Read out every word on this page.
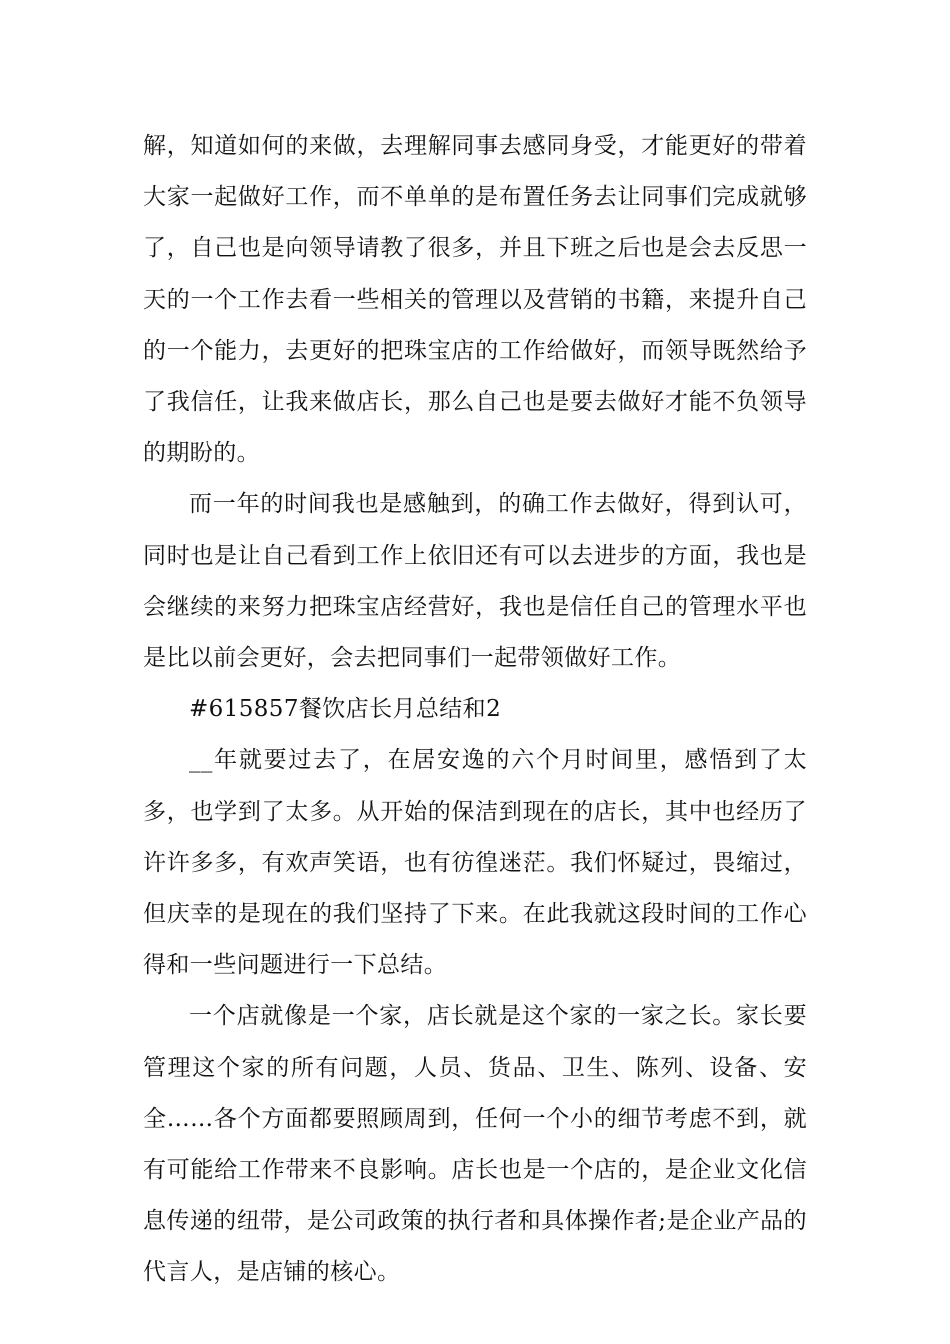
解，知道如何的来做，去理解同事去感同身受，才能更好的带着大家一起做好工作，而不单单的是布置任务去让同事们完成就够了，自己也是向领导请教了很多，并且下班之后也是会去反思一天的一个工作去看一些相关的管理以及营销的书籍，来提升自己的一个能力，去更好的把珠宝店的工作给做好，而领导既然给予了我信任，让我来做店长，那么自己也是要去做好才能不负领导的期盼的。

而一年的时间我也是感触到，的确工作去做好，得到认可，同时也是让自己看到工作上依旧还有可以去进步的方面，我也是会继续的来努力把珠宝店经营好，我也是信任自己的管理水平也是比以前会更好，会去把同事们一起带领做好工作。

#615857餐饮店长月总结和2

__年就要过去了，在居安逸的六个月时间里，感悟到了太多，也学到了太多。从开始的保洁到现在的店长，其中也经历了许许多多，有欢声笑语，也有彷徨迷茫。我们怀疑过，畏缩过，但庆幸的是现在的我们坚持了下来。在此我就这段时间的工作心得和一些问题进行一下总结。

一个店就像是一个家，店长就是这个家的一家之长。家长要管理这个家的所有问题，人员、货品、卫生、陈列、设备、安全……各个方面都要照顾周到，任何一个小的细节考虑不到，就有可能给工作带来不良影响。店长也是一个店的，是企业文化信息传递的纽带，是公司政策的执行者和具体操作者;是企业产品的代言人，是店铺的核心。
